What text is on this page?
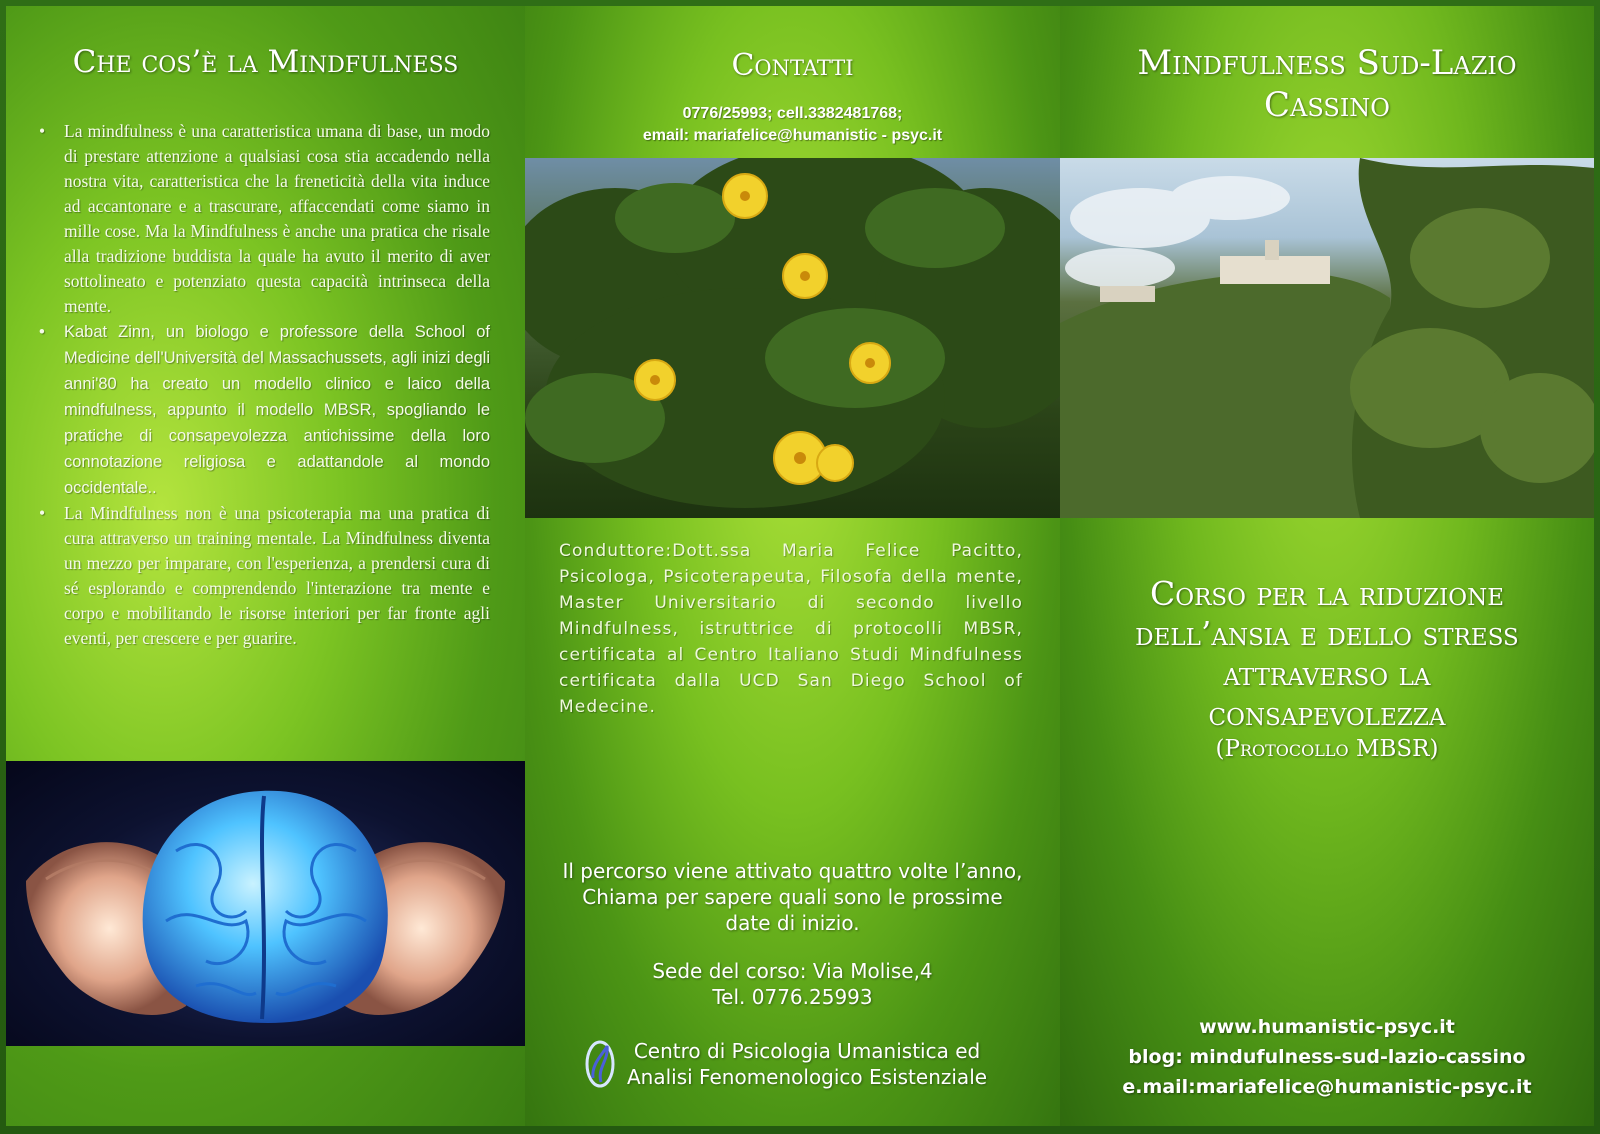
Che cos’è la Mindfulness
• La mindfulness è una caratteristica umana di base, un modo di prestare attenzione a qualsiasi cosa stia accadendo nella nostra vita, caratteristica che la freneticità della vita induce ad accantonare e a trascurare, affaccendati come siamo in mille cose. Ma la Mindfulness è anche una pratica che risale alla tradizione buddista la quale ha avuto il merito di aver sottolineato e potenziato questa capacità intrinseca della mente.
• Kabat Zinn, un biologo e professore della School of Medicine dell'Università del Massachussets, agli inizi degli anni'80 ha creato un modello clinico e laico della mindfulness, appunto il modello MBSR, spogliando le pratiche di consapevolezza antichissime della loro connotazione religiosa e adattandole al mondo occidentale..
• La Mindfulness non è una psicoterapia ma una pratica di cura attraverso un training mentale. La Mindfulness diventa un mezzo per imparare, con l'esperienza, a prendersi cura di sé esplorando e comprendendo l'interazione tra mente e corpo e mobilitando le risorse interiori per far fronte agli eventi, per crescere e per guarire.
Contatti
0776/25993; cell.3382481768;
email: mariafelice@humanistic - psyc.it
Conduttore:Dott.ssa Maria Felice Pacitto, Psicologa, Psicoterapeuta, Filosofa della mente, Master Universitario di secondo livello Mindfulness, istruttrice di protocolli MBSR, certificata al Centro Italiano Studi Mindfulness certificata dalla UCD San Diego School of Medecine.

Il percorso viene attivato quattro volte l’anno,
Chiama per sapere quali sono le prossime
date di inizio.

Sede del corso: Via Molise,4
Tel. 0776.25993

Centro di Psicologia Umanistica ed
Analisi Fenomenologico Esistenziale
Mindfulness Sud-Lazio
Cassino
Corso per la riduzione
dell’ansia e dello stress
attraverso la
consapevolezza
(Protocollo MBSR)
www.humanistic-psyc.it
blog: mindufulness-sud-lazio-cassino
e.mail:mariafelice@humanistic-psyc.it
